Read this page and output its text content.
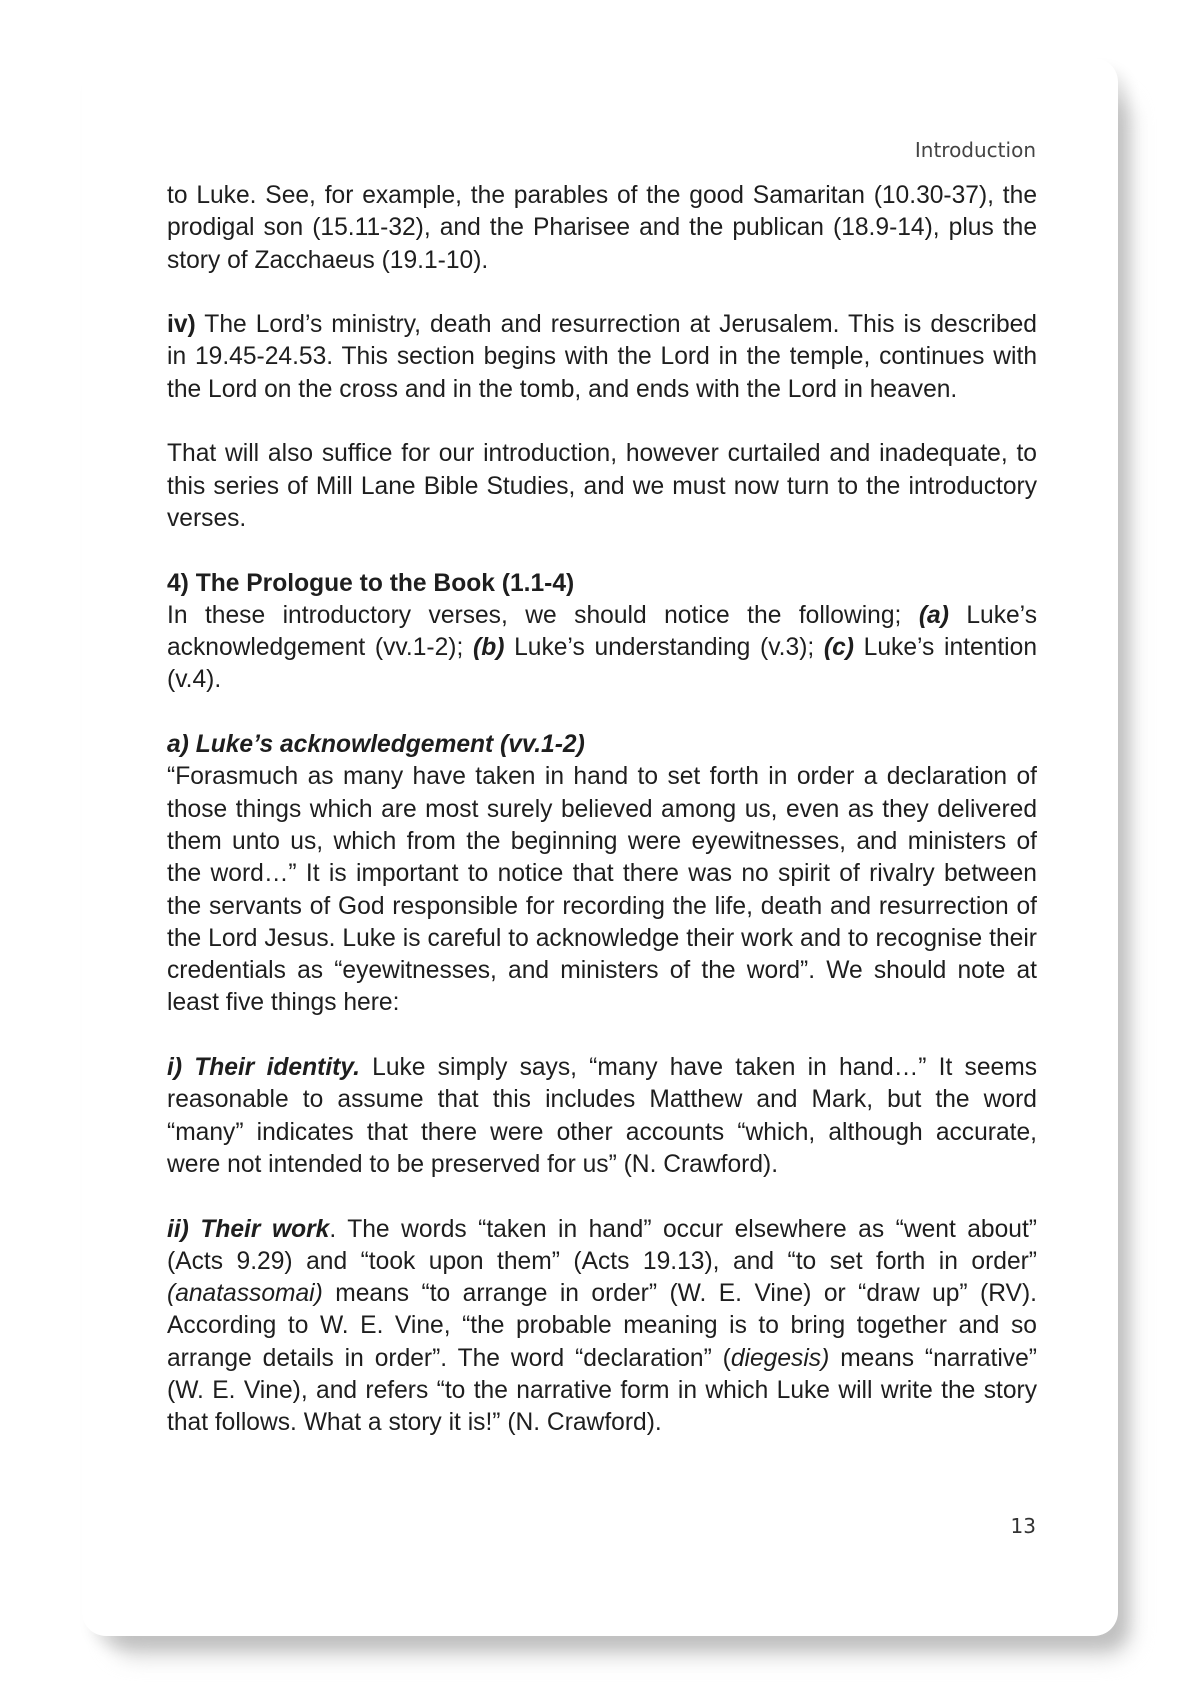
Introduction

to Luke. See, for example, the parables of the good Samaritan (10.30-37), the prodigal son (15.11-32), and the Pharisee and the publican (18.9-14), plus the story of Zacchaeus (19.1-10).

iv) The Lord’s ministry, death and resurrection at Jerusalem. This is described in 19.45-24.53. This section begins with the Lord in the temple, continues with the Lord on the cross and in the tomb, and ends with the Lord in heaven.

That will also suffice for our introduction, however curtailed and inadequate, to this series of Mill Lane Bible Studies, and we must now turn to the introductory verses.

4) The Prologue to the Book (1.1-4)
In these introductory verses, we should notice the following; (a) Luke’s acknowledgement (vv.1-2); (b) Luke’s understanding (v.3); (c) Luke’s intention (v.4).

a) Luke’s acknowledgement (vv.1-2)
“Forasmuch as many have taken in hand to set forth in order a declaration of those things which are most surely believed among us, even as they delivered them unto us, which from the beginning were eyewitnesses, and ministers of the word…” It is important to notice that there was no spirit of rivalry between the servants of God responsible for recording the life, death and resurrection of the Lord Jesus. Luke is careful to acknowledge their work and to recognise their credentials as “eyewitnesses, and ministers of the word”. We should note at least five things here:

i) Their identity. Luke simply says, “many have taken in hand…” It seems reasonable to assume that this includes Matthew and Mark, but the word “many” indicates that there were other accounts “which, although accurate, were not intended to be preserved for us” (N. Crawford).

ii) Their work. The words “taken in hand” occur elsewhere as “went about” (Acts 9.29) and “took upon them” (Acts 19.13), and “to set forth in order” (anatassomai) means “to arrange in order” (W. E. Vine) or “draw up” (RV). According to W. E. Vine, “the probable meaning is to bring together and so arrange details in order”. The word “declaration” (diegesis) means “narrative” (W. E. Vine), and refers “to the narrative form in which Luke will write the story that follows. What a story it is!” (N. Crawford).

13
